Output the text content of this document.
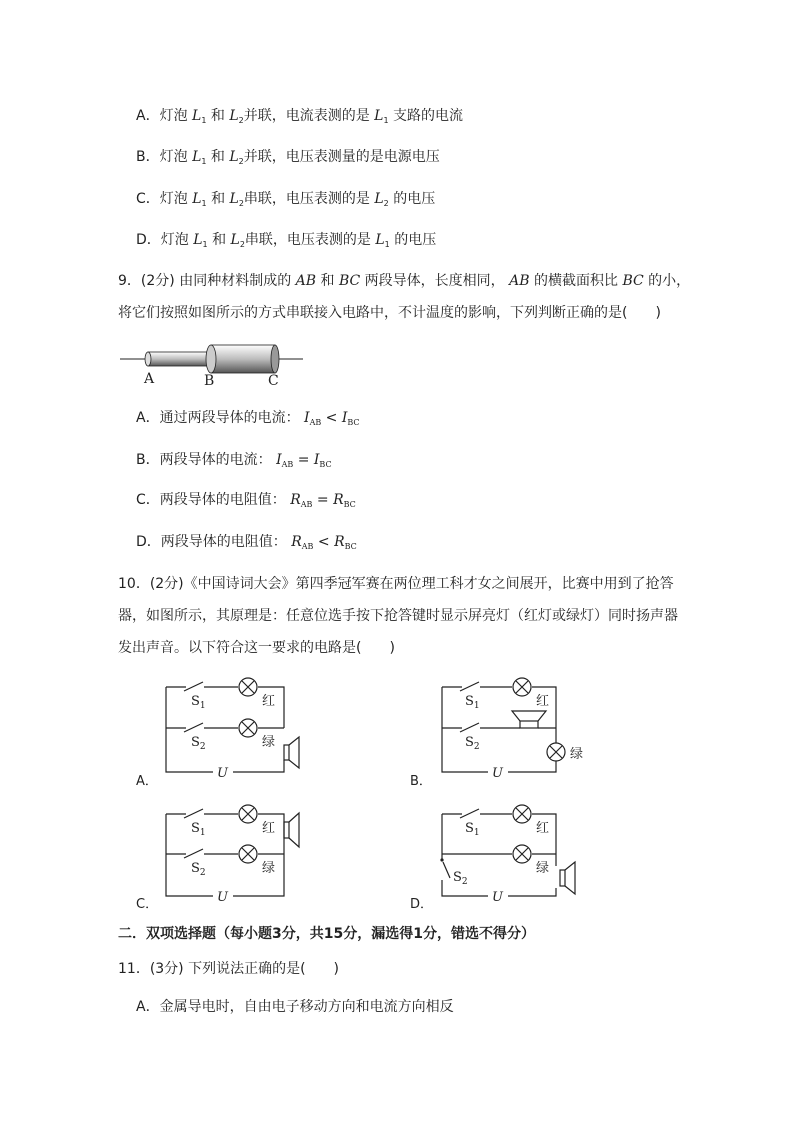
A．灯泡 $L_1$ 和 $L_2$并联，电流表测的是 $L_1$ 支路的电流
B．灯泡 $L_1$ 和 $L_2$并联，电压表测量的是电源电压
C．灯泡 $L_1$ 和 $L_2$串联，电压表测的是 $L_2$ 的电压
D．灯泡 $L_1$ 和 $L_2$串联，电压表测的是 $L_1$ 的电压
9．(2分) 由同种材料制成的 AB 和 BC 两段导体，长度相同， AB 的横截面积比 BC 的小，
将它们按照如图所示的方式串联接入电路中，不计温度的影响，下列判断正确的是(　　)
A	B	C
A．通过两段导体的电流： $I_{AB} < I_{BC}$
B．两段导体的电流： $I_{AB} = I_{BC}$
C．两段导体的电阻值： $R_{AB} = R_{BC}$
D．两段导体的电阻值： $R_{AB} < R_{BC}$
10．(2分)《中国诗词大会》第四季冠军赛在两位理工科才女之间展开，比赛中用到了抢答
器，如图所示，其原理是：任意位选手按下抢答键时显示屏亮灯（红灯或绿灯）同时扬声器
发出声音。以下符合这一要求的电路是(　　)
A．
$S_1$
$S_2$
红
绿
U
B．
$S_1$
$S_2$
红
绿
U
C．
$S_1$
$S_2$
红
绿
U	D．
$S_1$
$S_2$
红
绿
U
二．双项选择题（每小题3分，共15分，漏选得1分，错选不得分）
11．(3分) 下列说法正确的是(　　)
A．金属导电时，自由电子移动方向和电流方向相反
